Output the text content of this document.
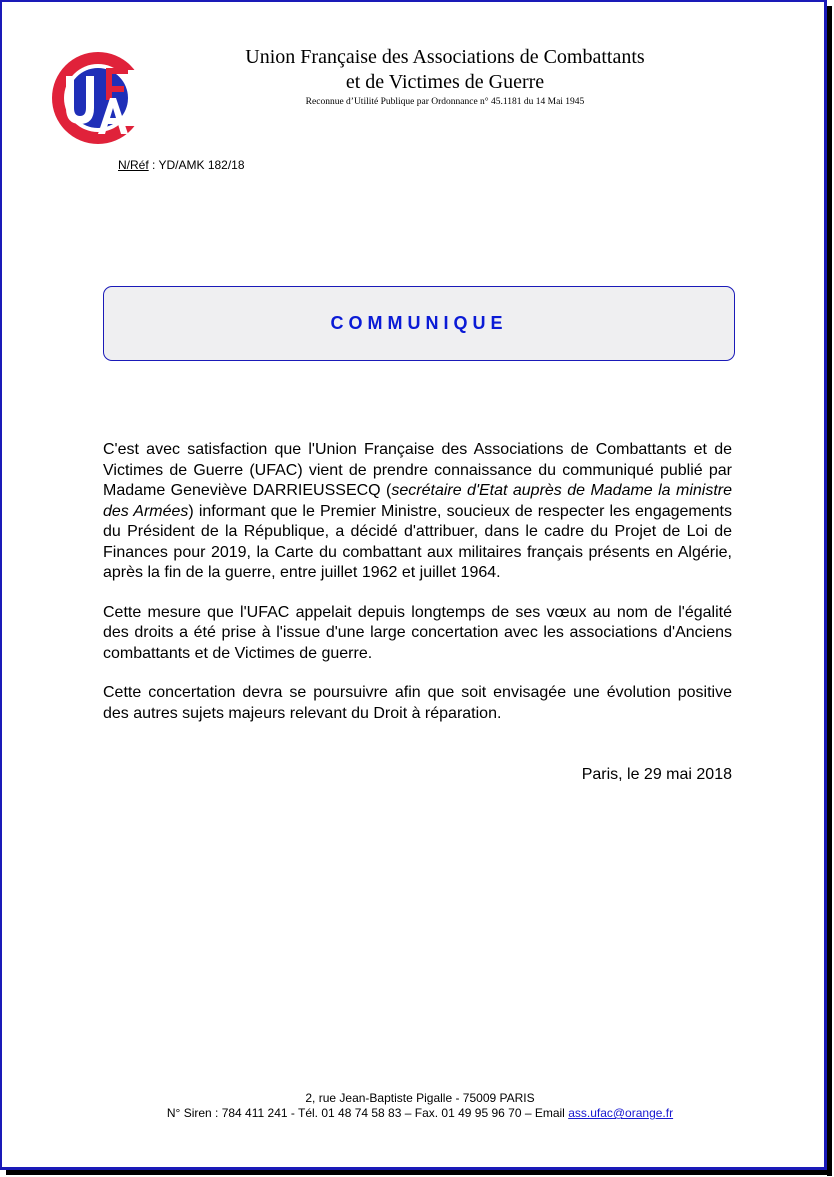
Union Française des Associations de Combattants
et de Victimes de Guerre
Reconnue d’Utilité Publique par Ordonnance n° 45.1181 du 14 Mai 1945
N/Réf : YD/AMK 182/18
COMMUNIQUE

C'est avec satisfaction que l'Union Française des Associations de Combattants et de Victimes de Guerre (UFAC) vient de prendre connaissance du communiqué publié par Madame Geneviève DARRIEUSSECQ (secrétaire d'Etat auprès de Madame la ministre des Armées) informant que le Premier Ministre, soucieux de respecter les engagements du Président de la République, a décidé d'attribuer, dans le cadre du Projet de Loi de Finances pour 2019, la Carte du combattant aux militaires français présents en Algérie, après la fin de la guerre, entre juillet 1962 et juillet 1964.

Cette mesure que l'UFAC appelait depuis longtemps de ses vœux au nom de l'égalité des droits a été prise à l'issue d'une large concertation avec les associations d'Anciens combattants et de Victimes de guerre.

Cette concertation devra se poursuivre afin que soit envisagée une évolution positive des autres sujets majeurs relevant du Droit à réparation.

Paris, le 29 mai 2018
2, rue Jean-Baptiste Pigalle - 75009 PARIS
N° Siren : 784 411 241 - Tél. 01 48 74 58 83 – Fax. 01 49 95 96 70 – Email ass.ufac@orange.fr
